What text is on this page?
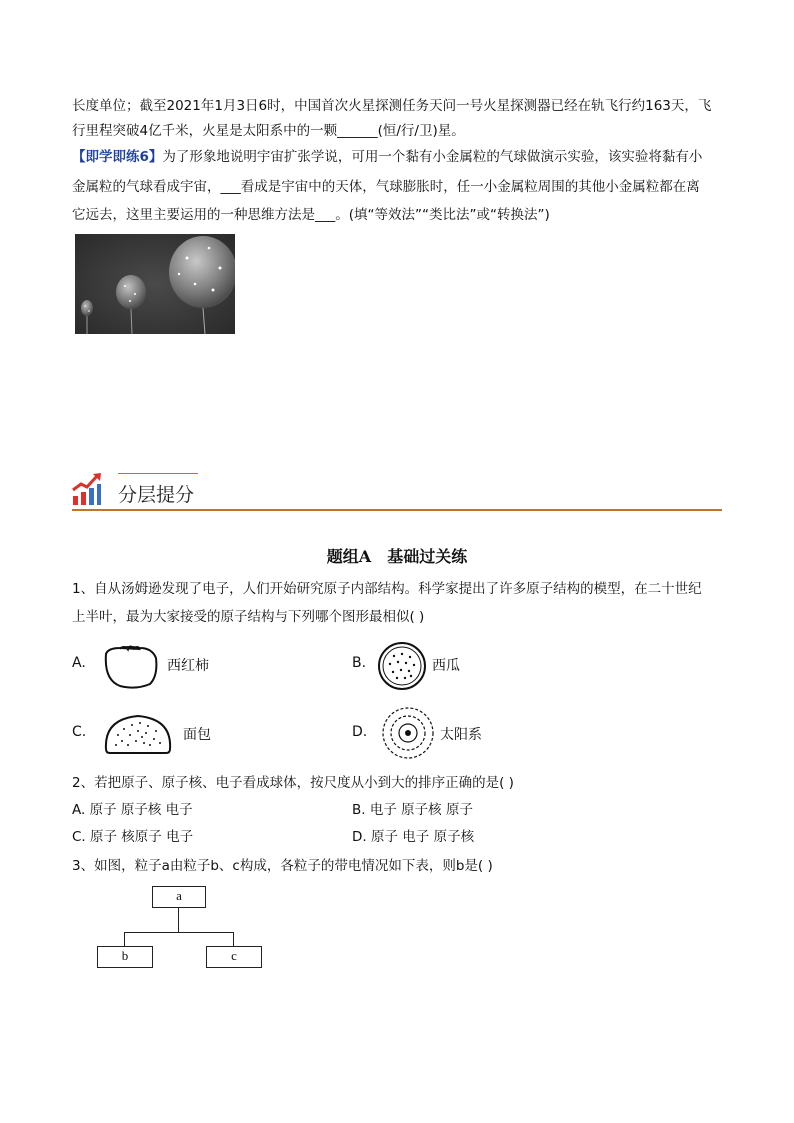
长度单位；截至2021年1月3日6时，中国首次火星探测任务天问一号火星探测器已经在轨飞行约163天，飞
行里程突破4亿千米，火星是太阳系中的一颗______(恒/行/卫)星。
【即学即练6】为了形象地说明宇宙扩张学说，可用一个黏有小金属粒的气球做演示实验，该实验将黏有小
金属粒的气球看成宇宙，___看成是宇宙中的天体，气球膨胀时，任一小金属粒周围的其他小金属粒都在离
它远去，这里主要运用的一种思维方法是___。(填“等效法”“类比法”或“转换法”)
分层提分
题组A　基础过关练
1、自从汤姆逊发现了电子，人们开始研究原子内部结构。科学家提出了许多原子结构的模型，在二十世纪
上半叶，最为大家接受的原子结构与下列哪个图形最相似( )
A.	西红柿	B.	西瓜
C.	面包	D.	太阳系
2、若把原子、原子核、电子看成球体，按尺度从小到大的排序正确的是( )
A. 原子 原子核 电子	B. 电子 原子核 原子
C. 原子 核原子 电子	D. 原子 电子 原子核
3、如图，粒子a由粒子b、c构成，各粒子的带电情况如下表，则b是( )
a
b	c
